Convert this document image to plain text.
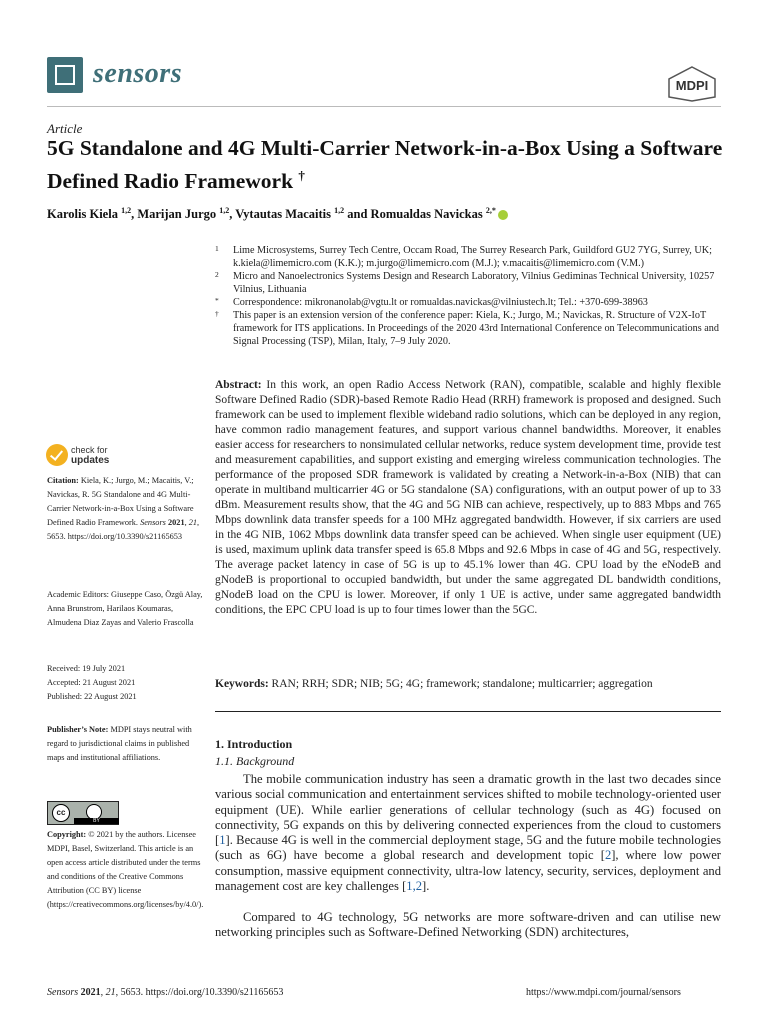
sensors	MDPI
Article
5G Standalone and 4G Multi-Carrier Network-in-a-Box Using a Software Defined Radio Framework †
Karolis Kiela $^{1,2}$, Marijan Jurgo $^{1,2}$, Vytautas Macaitis $^{1,2}$ and Romualdas Navickas $^{2,*}$
1 Lime Microsystems, Surrey Tech Centre, Occam Road, The Surrey Research Park, Guildford GU2 7YG, Surrey, UK; k.kiela@limemicro.com (K.K.); m.jurgo@limemicro.com (M.J.); v.macaitis@limemicro.com (V.M.)
2 Micro and Nanoelectronics Systems Design and Research Laboratory, Vilnius Gediminas Technical University, 10257 Vilnius, Lithuania
* Correspondence: mikronanolab@vgtu.lt or romualdas.navickas@vilniustech.lt; Tel.: +370-699-38963
† This paper is an extension version of the conference paper: Kiela, K.; Jurgo, M.; Navickas, R. Structure of V2X-IoT framework for ITS applications. In Proceedings of the 2020 43rd International Conference on Telecommunications and Signal Processing (TSP), Milan, Italy, 7–9 July 2020.
check for
updates
Citation: Kiela, K.; Jurgo, M.; Macaitis, V.; Navickas, R. 5G Standalone and 4G Multi-Carrier Network-in-a-Box Using a Software Defined Radio Framework. Sensors 2021, 21, 5653. https://doi.org/10.3390/s21165653
Academic Editors: Giuseppe Caso, Özgü Alay, Anna Brunstrom, Harilaos Koumaras, Almudena Diaz Zayas and Valerio Frascolla
Received: 19 July 2021
Accepted: 21 August 2021
Published: 22 August 2021
Publisher’s Note: MDPI stays neutral with regard to jurisdictional claims in published maps and institutional affiliations.
cc
BY
Copyright: © 2021 by the authors. Licensee MDPI, Basel, Switzerland. This article is an open access article distributed under the terms and conditions of the Creative Commons Attribution (CC BY) license (https://creativecommons.org/licenses/by/4.0/).
Abstract: In this work, an open Radio Access Network (RAN), compatible, scalable and highly flexible Software Defined Radio (SDR)-based Remote Radio Head (RRH) framework is proposed and designed. Such framework can be used to implement flexible wideband radio solutions, which can be deployed in any region, have common radio management features, and support various channel bandwidths. Moreover, it enables easier access for researchers to nonsimulated cellular networks, reduce system development time, provide test and measurement capabilities, and support existing and emerging wireless communication technologies. The performance of the proposed SDR framework is validated by creating a Network-in-a-Box (NIB) that can operate in multiband multicarrier 4G or 5G standalone (SA) configurations, with an output power of up to 33 dBm. Measurement results show, that the 4G and 5G NIB can achieve, respectively, up to 883 Mbps and 765 Mbps downlink data transfer speeds for a 100 MHz aggregated bandwidth. However, if six carriers are used in the 4G NIB, 1062 Mbps downlink data transfer speed can be achieved. When single user equipment (UE) is used, maximum uplink data transfer speed is 65.8 Mbps and 92.6 Mbps in case of 4G and 5G, respectively. The average packet latency in case of 5G is up to 45.1% lower than 4G. CPU load by the eNodeB and gNodeB is proportional to occupied bandwidth, but under the same aggregated DL bandwidth conditions, gNodeB load on the CPU is lower. Moreover, if only 1 UE is active, under same aggregated bandwidth conditions, the EPC CPU load is up to four times lower than the 5GC.
Keywords: RAN; RRH; SDR; NIB; 5G; 4G; framework; standalone; multicarrier; aggregation
1. Introduction
1.1. Background
The mobile communication industry has seen a dramatic growth in the last two decades since various social communication and entertainment services shifted to mobile technology-oriented user equipment (UE). While earlier generations of cellular technology (such as 4G) focused on connectivity, 5G expands on this by delivering connected experiences from the cloud to customers [1]. Because 4G is well in the commercial deployment stage, 5G and the future mobile technologies (such as 6G) have become a global research and development topic [2], where low power consumption, massive equipment connectivity, ultra-low latency, security, services, deployment and management cost are key challenges [1,2].
Compared to 4G technology, 5G networks are more software-driven and can utilise new networking principles such as Software-Defined Networking (SDN) architectures,
Sensors 2021, 21, 5653. https://doi.org/10.3390/s21165653	https://www.mdpi.com/journal/sensors
